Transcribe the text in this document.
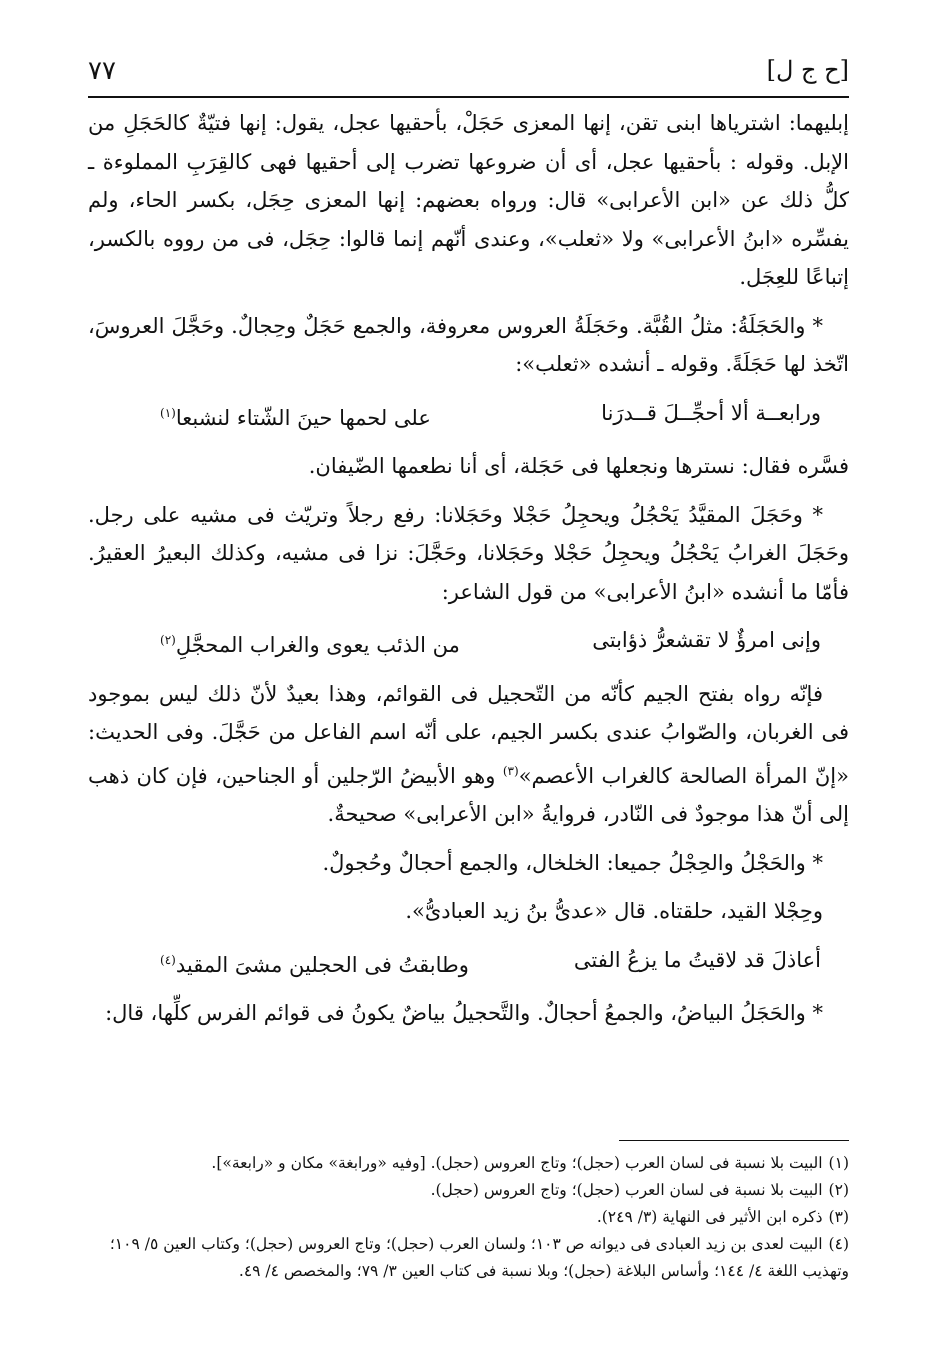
[ح ج ل]
٧٧

إبليهما: اشترياها ابنى تقن، إنها المعزى حَجَلْ، بأحقيها عجل، يقول: إنها فتيّةٌ كالحَجَلِ من الإبل. وقوله : بأحقيها عجل، أى أن ضروعها تضرب إلى أحقيها فهى كالقِرَبِ المملوءة ـ كلُّ ذلك عن «ابن الأعرابى» قال: ورواه بعضهم: إنها المعزى حِجَل، بكسر الحاء، ولم يفسِّره «ابنُ الأعرابى» ولا «ثعلب»، وعندى أنّهم إنما قالوا: حِجَل، فى من رووه بالكسر، إتباعًا للعِجَل.

* والحَجَلَةُ: مثلُ القُبَّة. وحَجَلَةُ العروس معروفة، والجمع حَجَلٌ وحِجالٌ. وحَجَّلَ العروسَ، اتّخذ لها حَجَلَةً. وقوله ـ أنشده «ثعلب»:

ورابعــة ألا أحجِّــلَ قــدرَنا
على لحمها حينَ الشّتاء لنشبعا$^{(١)}$

فسَّره فقال: نسترها ونجعلها فى حَجَلة، أى أنا نطعمها الضّيفان.

* وحَجَلَ المقيَّدُ يَحْجُلُ ويحجِلُ حَجْلا وحَجَلانا: رفع رجلاً وتريّث فى مشيه على رجل. وحَجَلَ الغرابُ يَحْجُلُ ويحجِلُ حَجْلا وحَجَلانا، وحَجَّلَ: نزا فى مشيه، وكذلك البعيرُ العقيرُ. فأمّا ما أنشده «ابنُ الأعرابى» من قول الشاعر:

وإنى امرؤٌ لا تقشعرُّ ذؤابتى
من الذئب يعوى والغراب المحجَّلِ$^{(٢)}$

فإنّه رواه بفتح الجيم كأنّه من التّحجيل فى القوائم، وهذا بعيدٌ لأنّ ذلك ليس بموجود فى الغربان، والصّوابُ عندى بكسر الجيم، على أنّه اسم الفاعل من حَجَّلَ. وفى الحديث: «إنّ المرأة الصالحة كالغراب الأعصم»$^{(٣)}$ وهو الأبيضُ الرّجلين أو الجناحين، فإن كان ذهب إلى أنّ هذا موجودٌ فى النّادر، فروايةُ «ابن الأعرابى» صحيحةٌ.

* والحَجْلُ والحِجْلُ جميعا: الخلخال، والجمع أحجالٌ وحُجولٌ.

وحِجْلا القيد، حلقتاه. قال «عدىُّ بنُ زيد العبادىُّ».

أعاذلَ قد لاقيتُ ما يزعُ الفتى
وطابقتُ فى الحجلين مشىَ المقيد$^{(٤)}$

* والحَجَلُ البياضُ، والجمعُ أحجالٌ. والتَّحجيلُ بياضٌ يكونُ فى قوائم الفرس كلِّها، قال:

(١)البيت بلا نسبة فى لسان العرب (حجل)؛ وتاج العروس (حجل). [وفيه «ورابغة» مكان و «رابعة»].

(٢)البيت بلا نسبة فى لسان العرب (حجل)؛ وتاج العروس (حجل).

(٣)ذكره ابن الأثير فى النهاية (٣/ ٢٤٩).

(٤)البيت لعدى بن زيد العبادى فى ديوانه ص ١٠٣؛ ولسان العرب (حجل)؛ وتاج العروس (حجل)؛ وكتاب العين ٥/ ١٠٩؛ وتهذيب اللغة ٤/ ١٤٤؛ وأساس البلاغة (حجل)؛ وبلا نسبة فى كتاب العين ٣/ ٧٩؛ والمخصص ٤/ ٤٩.
